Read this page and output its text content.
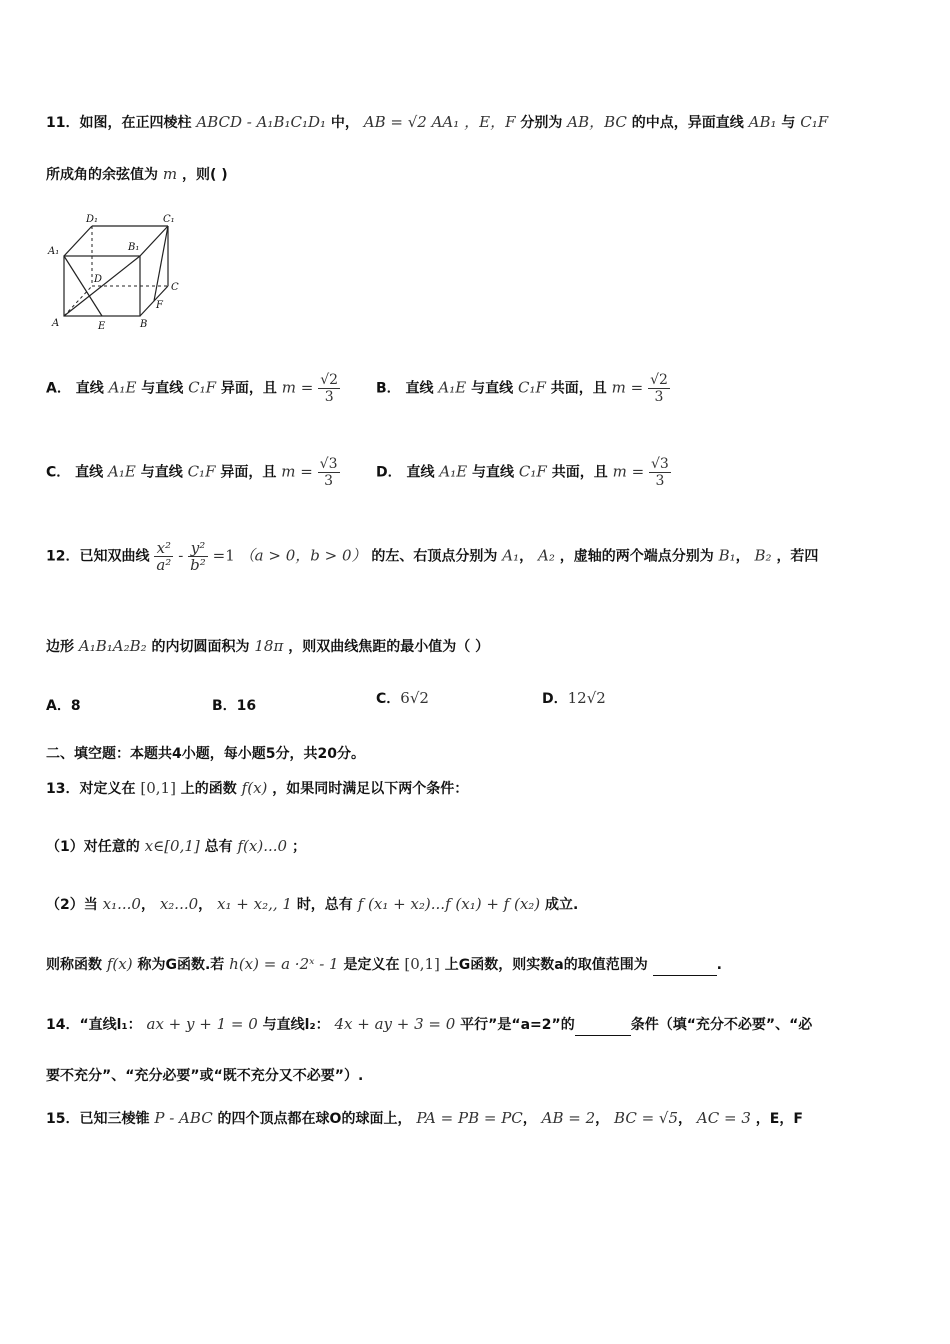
11．如图，在正四棱柱 ABCD - A₁B₁C₁D₁ 中， AB = √2 AA₁ ，E，F 分别为 AB，BC 的中点，异面直线 AB₁ 与 C₁F
所成角的余弦值为 m ，则( )
D₁	C₁
A₁	B₁
D
C
F
A	E	B
A． 直线 A₁E 与直线 C₁F 异面，且 $m = \frac{√2}{3}$	B． 直线 A₁E 与直线 C₁F 共面，且 $m = \frac{√2}{3}$
C． 直线 A₁E 与直线 C₁F 异面，且 $m = \frac{√3}{3}$	D． 直线 A₁E 与直线 C₁F 共面，且 $m = \frac{√3}{3}$
12．已知双曲线 $\frac{\text{x²}}{\text{a²}} - \frac{\text{y²}}{\text{b²}} =1$ （a > 0，b > 0） 的左、右顶点分别为 A₁， A₂ ，虚轴的两个端点分别为 B₁， B₂ ，若四
边形 A₁B₁A₂B₂ 的内切圆面积为 18π ，则双曲线焦距的最小值为（ ）
A．8	B．16	C．6√2	D．12√2
二、填空题：本题共4小题，每小题5分，共20分。
13．对定义在 [0,1] 上的函数 f(x) ，如果同时满足以下两个条件：
（1）对任意的 x∈[0,1] 总有 f(x)...0 ；
（2）当 x₁...0， x₂...0， x₁ + x₂,, 1 时，总有 f (x₁ + x₂)...f (x₁) + f (x₂) 成立.
则称函数 f(x) 称为G函数.若 h(x) = a ·2ˣ - 1 是定义在 [0,1] 上G函数，则实数a的取值范围为	.
14．“直线l₁： ax + y + 1 = 0 与直线l₂： 4x + ay + 3 = 0 平行”是“a=2”的	条件（填“充分不必要”、“必
要不充分”、“充分必要”或“既不充分又不必要”）.
15．已知三棱锥 P - ABC 的四个顶点都在球O的球面上， PA = PB = PC， AB = 2， BC = √5， AC = 3 ，E，F
